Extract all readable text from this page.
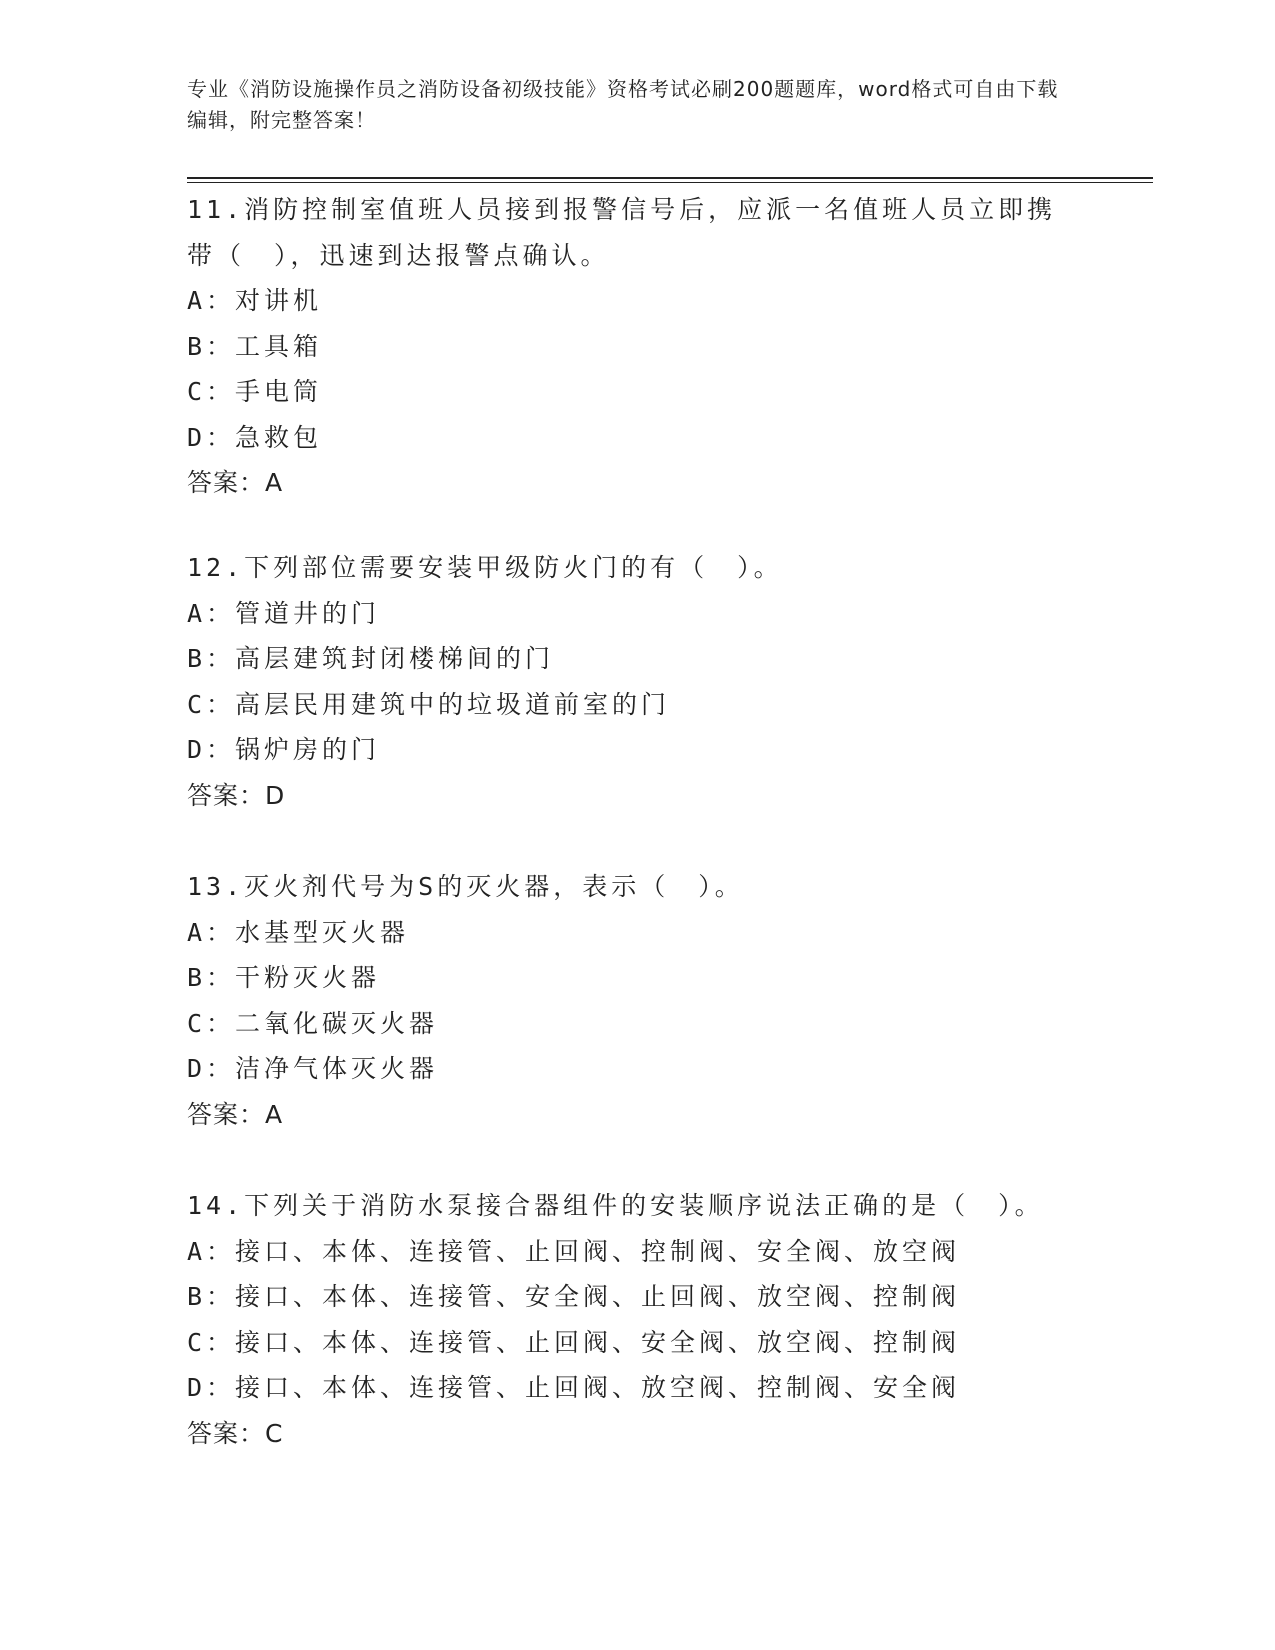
专业《消防设施操作员之消防设备初级技能》资格考试必刷200题题库，word格式可自由下载编辑，附完整答案！
11.消防控制室值班人员接到报警信号后，应派一名值班人员立即携带（　），迅速到达报警点确认。
A：对讲机
B：工具箱
C：手电筒
D：急救包
答案：A
12.下列部位需要安装甲级防火门的有（　）。
A：管道井的门
B：高层建筑封闭楼梯间的门
C：高层民用建筑中的垃圾道前室的门
D：锅炉房的门
答案：D
13.灭火剂代号为S的灭火器，表示（　）。
A：水基型灭火器
B：干粉灭火器
C：二氧化碳灭火器
D：洁净气体灭火器
答案：A
14.下列关于消防水泵接合器组件的安装顺序说法正确的是（　）。
A：接口、本体、连接管、止回阀、控制阀、安全阀、放空阀
B：接口、本体、连接管、安全阀、止回阀、放空阀、控制阀
C：接口、本体、连接管、止回阀、安全阀、放空阀、控制阀
D：接口、本体、连接管、止回阀、放空阀、控制阀、安全阀
答案：C
